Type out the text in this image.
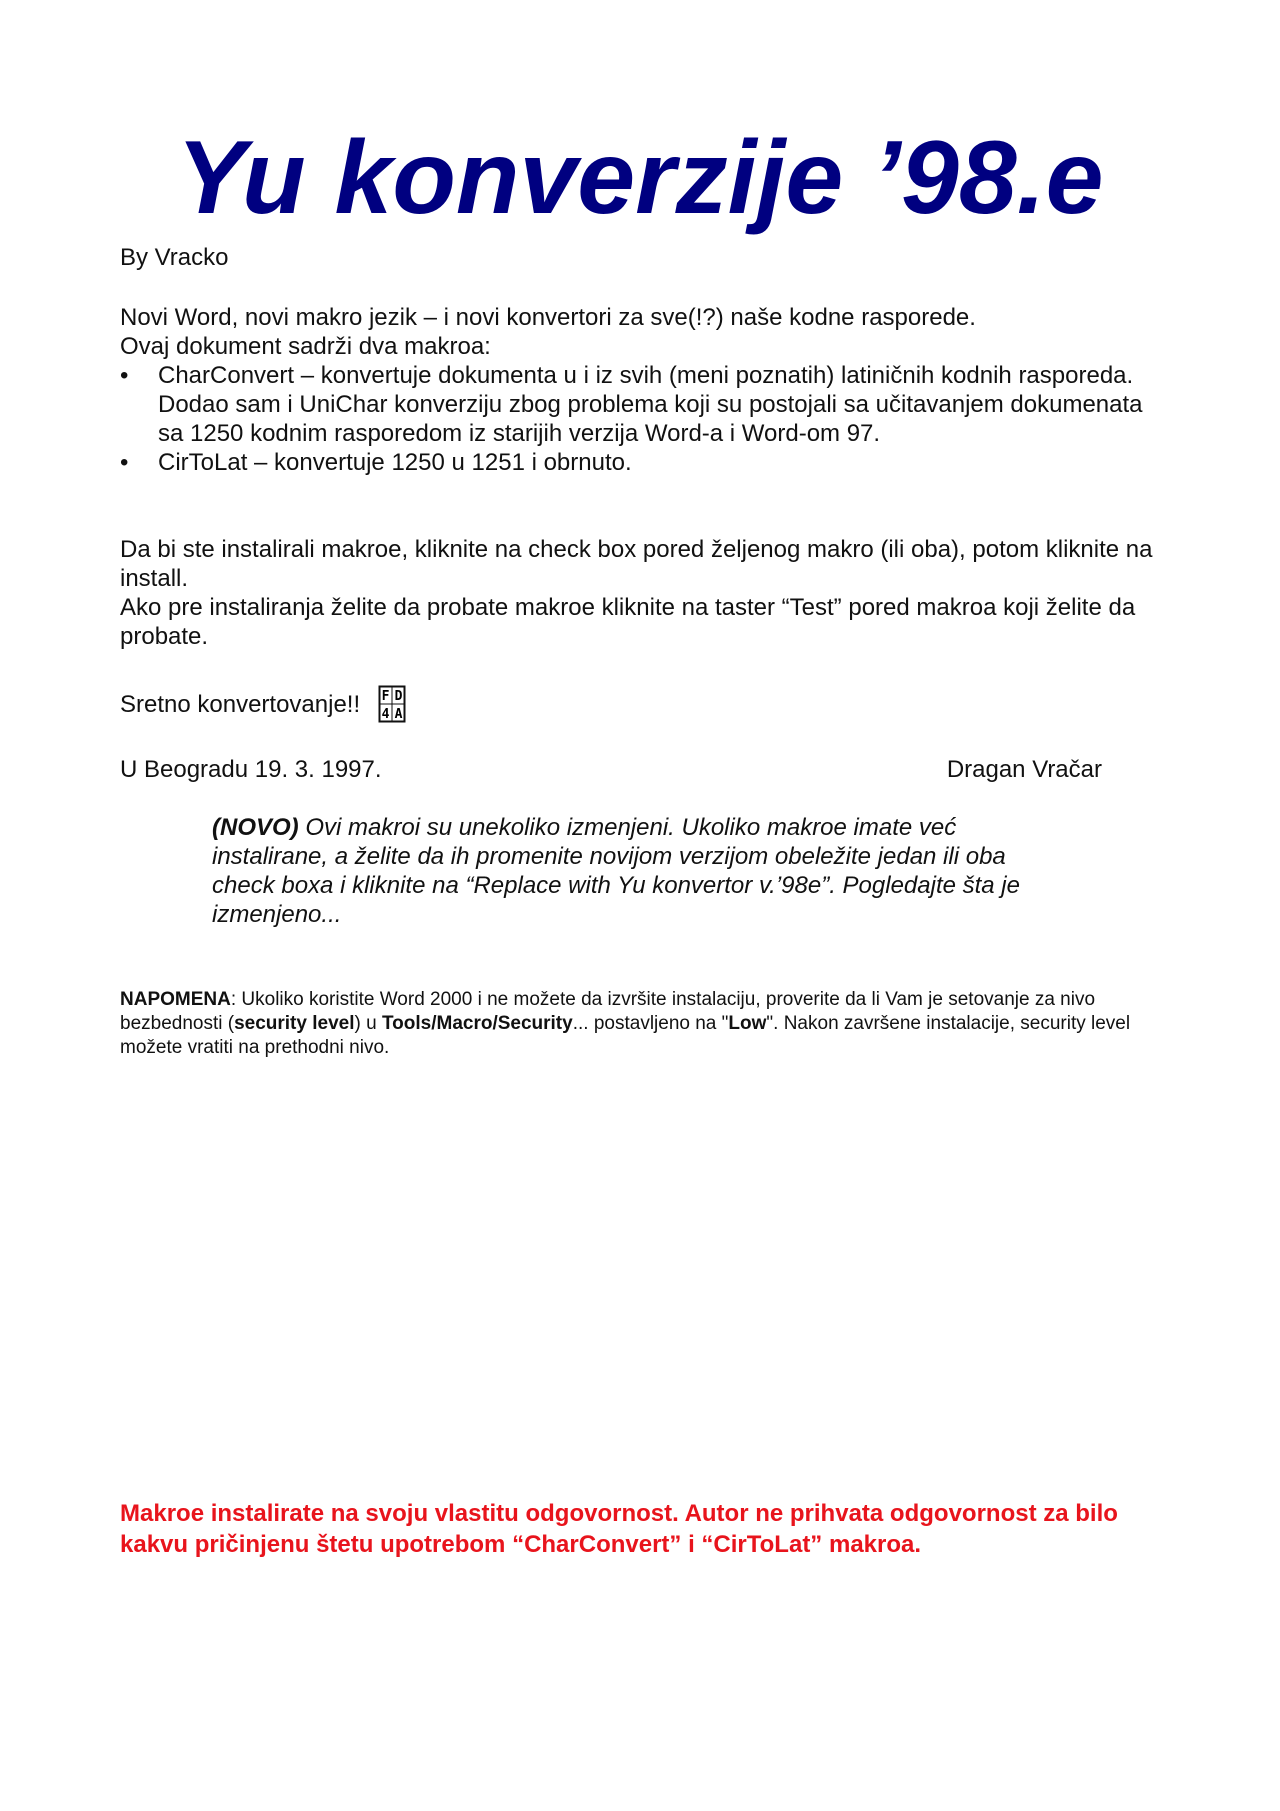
Yu konverzije ’98.e

By Vracko

Novi Word, novi makro jezik – i novi konvertori za sve(!?) naše kodne rasporede.
Ovaj dokument sadrži dva makroa:
• CharConvert – konvertuje dokumenta u i iz svih (meni poznatih) latiničnih kodnih rasporeda. Dodao sam i UniChar konverziju zbog problema koji su postojali sa učitavanjem dokumenata sa 1250 kodnim rasporedom iz starijih verzija Word-a i Word-om 97.
• CirToLat – konvertuje 1250 u 1251 i obrnuto.
Da bi ste instalirali makroe, kliknite na check box pored željenog makro (ili oba), potom kliknite na install.
Ako pre instaliranja želite da probate makroe kliknite na taster “Test” pored makroa koji želite da probate.
Sretno konvertovanje!! F D
4 A
U Beogradu 19. 3. 1997.	Dragan Vračar

(NOVO) Ovi makroi su unekoliko izmenjeni. Ukoliko makroe imate već instalirane, a želite da ih promenite novijom verzijom obeležite jedan ili oba check boxa i kliknite na “Replace with Yu konvertor v.’98e”. Pogledajte šta je izmenjeno...

NAPOMENA: Ukoliko koristite Word 2000 i ne možete da izvršite instalaciju, proverite da li Vam je setovanje za nivo bezbednosti (security level) u Tools/Macro/Security... postavljeno na "Low". Nakon završene instalacije, security level možete vratiti na prethodni nivo.

Makroe instalirate na svoju vlastitu odgovornost. Autor ne prihvata odgovornost za bilo kakvu pričinjenu štetu upotrebom “CharConvert” i “CirToLat” makroa.
